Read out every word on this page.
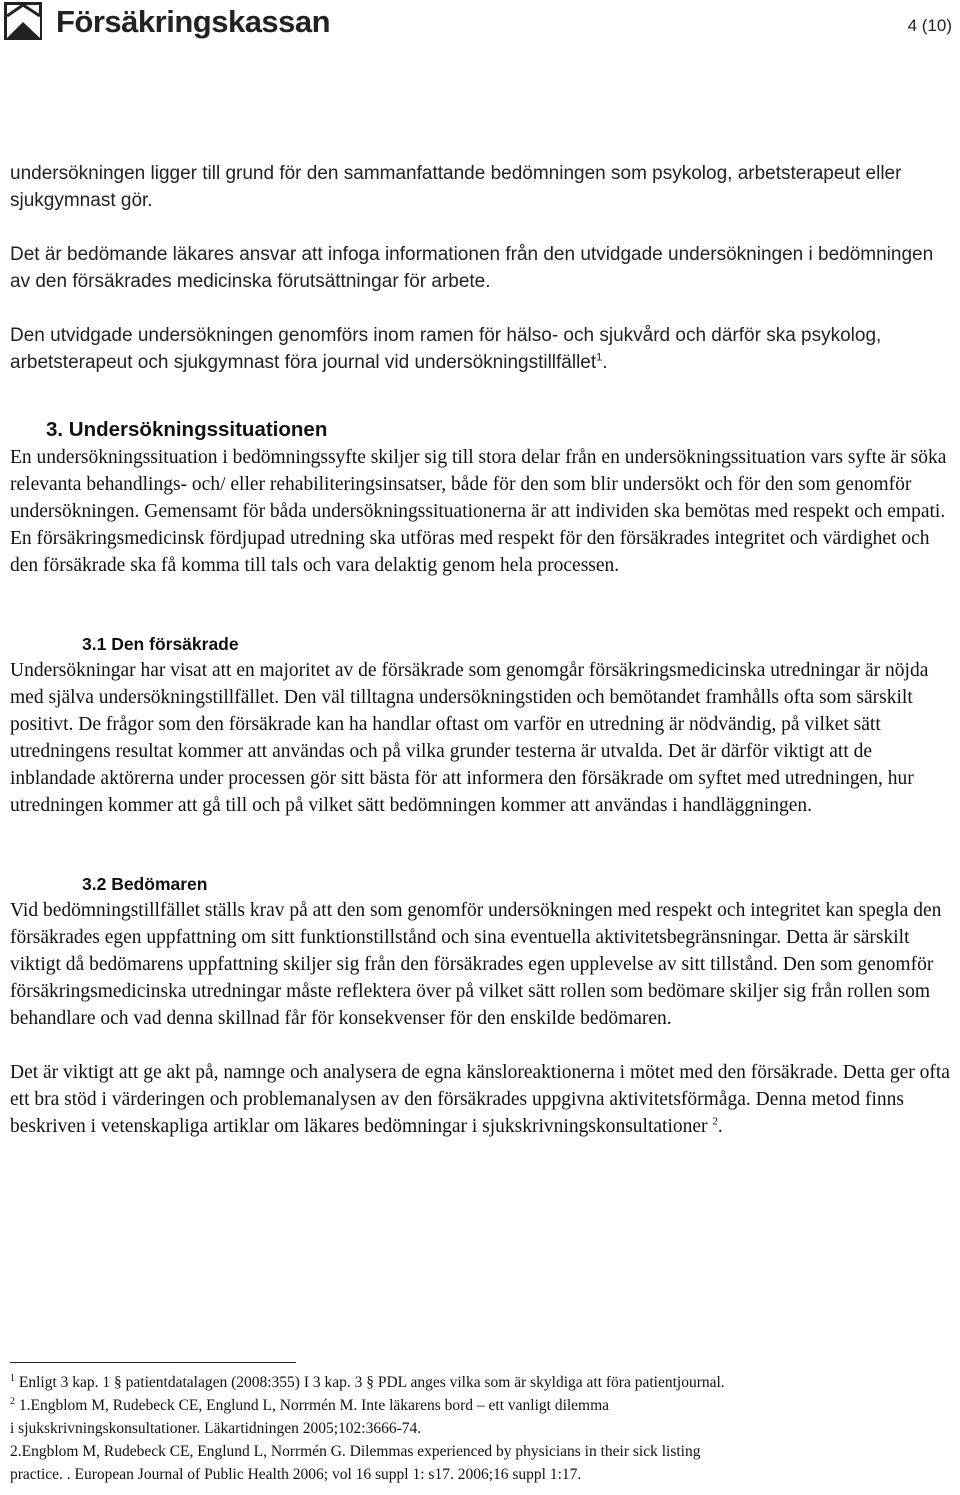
Försäkringskassan	4 (10)

undersökningen ligger till grund för den sammanfattande bedömningen som psykolog, arbetsterapeut eller sjukgymnast gör.

Det är bedömande läkares ansvar att infoga informationen från den utvidgade undersökningen i bedömningen av den försäkrades medicinska förutsättningar för arbete.

Den utvidgade undersökningen genomförs inom ramen för hälso- och sjukvård och därför ska psykolog, arbetsterapeut och sjukgymnast föra journal vid undersökningstillfället$^1$.

3. Undersökningssituationen

En undersökningssituation i bedömningssyfte skiljer sig till stora delar från en undersökningssituation vars syfte är söka relevanta behandlings- och/ eller rehabiliteringsinsatser, både för den som blir undersökt och för den som genomför undersökningen. Gemensamt för båda undersökningssituationerna är att individen ska bemötas med respekt och empati. En försäkringsmedicinsk fördjupad utredning ska utföras med respekt för den försäkrades integritet och värdighet och den försäkrade ska få komma till tals och vara delaktig genom hela processen.

3.1 Den försäkrade

Undersökningar har visat att en majoritet av de försäkrade som genomgår försäkringsmedicinska utredningar är nöjda med själva undersökningstillfället. Den väl tilltagna undersökningstiden och bemötandet framhålls ofta som särskilt positivt. De frågor som den försäkrade kan ha handlar oftast om varför en utredning är nödvändig, på vilket sätt utredningens resultat kommer att användas och på vilka grunder testerna är utvalda. Det är därför viktigt att de inblandade aktörerna under processen gör sitt bästa för att informera den försäkrade om syftet med utredningen, hur utredningen kommer att gå till och på vilket sätt bedömningen kommer att användas i handläggningen.

3.2 Bedömaren

Vid bedömningstillfället ställs krav på att den som genomför undersökningen med respekt och integritet kan spegla den försäkrades egen uppfattning om sitt funktionstillstånd och sina eventuella aktivitetsbegränsningar. Detta är särskilt viktigt då bedömarens uppfattning skiljer sig från den försäkrades egen upplevelse av sitt tillstånd. Den som genomför försäkringsmedicinska utredningar måste reflektera över på vilket sätt rollen som bedömare skiljer sig från rollen som behandlare och vad denna skillnad får för konsekvenser för den enskilde bedömaren.

Det är viktigt att ge akt på, namnge och analysera de egna känsloreaktionerna i mötet med den försäkrade. Detta ger ofta ett bra stöd i värderingen och problemanalysen av den försäkrades uppgivna aktivitetsförmåga. Denna metod finns beskriven i vetenskapliga artiklar om läkares bedömningar i sjukskrivningskonsultationer $^2$.

$^1$ Enligt 3 kap. 1 § patientdatalagen (2008:355) I 3 kap. 3 § PDL anges vilka som är skyldiga att föra patientjournal.

$^2$ 1.Engblom M, Rudebeck CE, Englund L, Norrmén M. Inte läkarens bord – ett vanligt dilemma

i sjukskrivningskonsultationer. Läkartidningen 2005;102:3666-74.

2.Engblom M, Rudebeck CE, Englund L, Norrmén G. Dilemmas experienced by physicians in their sick listing

practice. . European Journal of Public Health 2006; vol 16 suppl 1: s17. 2006;16 suppl 1:17.
